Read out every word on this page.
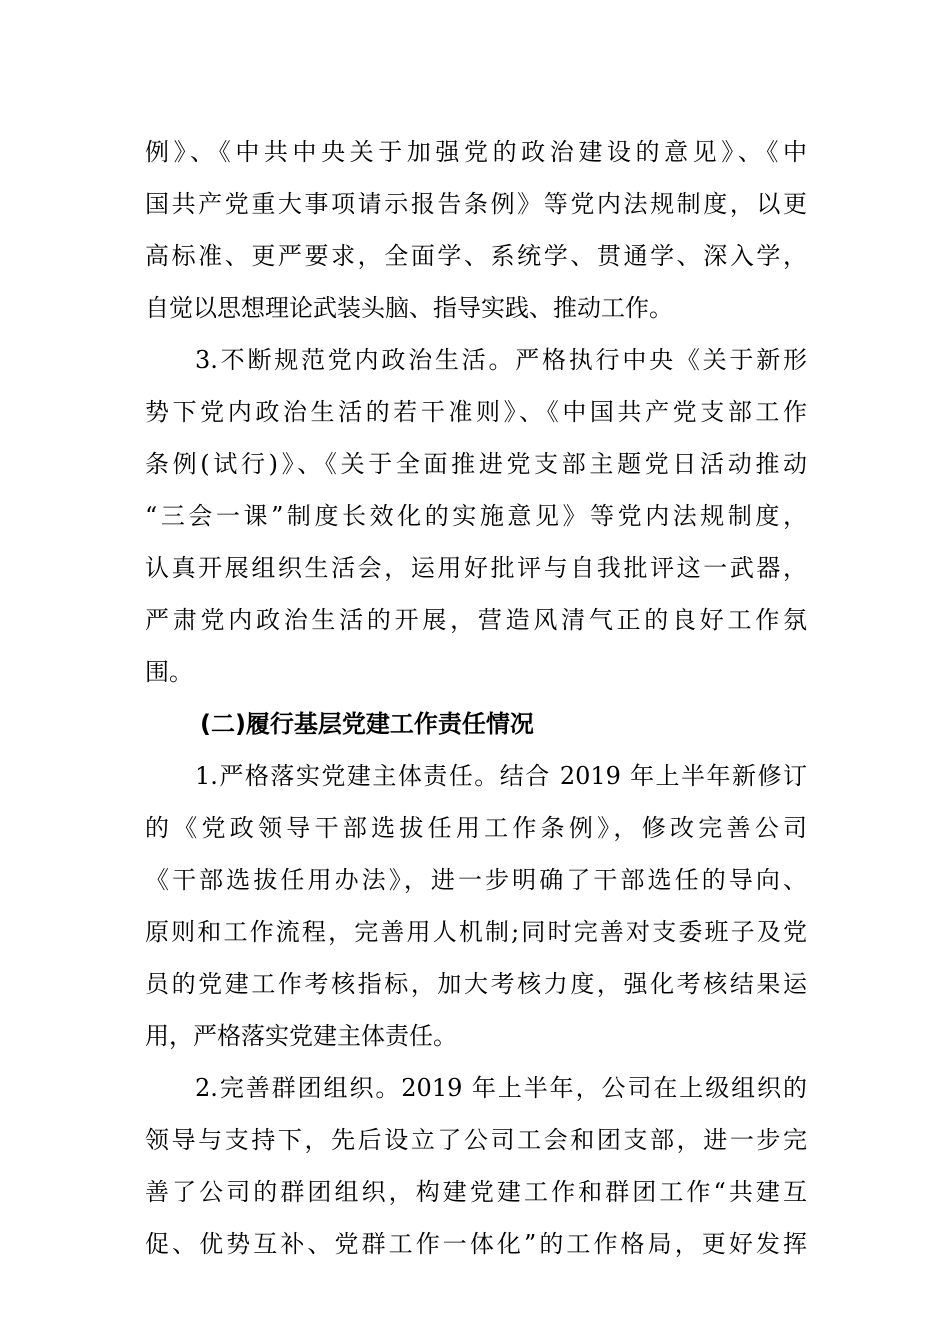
例》、《中共中央关于加强党的政治建设的意见》、《中
国共产党重大事项请示报告条例》等党内法规制度，以更
高标准、更严要求，全面学、系统学、贯通学、深入学，
自觉以思想理论武装头脑、指导实践、推动工作。
3.不断规范党内政治生活。严格执行中央《关于新形
势下党内政治生活的若干准则》、《中国共产党支部工作
条例(试行)》、《关于全面推进党支部主题党日活动推动
“三会一课”制度长效化的实施意见》等党内法规制度，
认真开展组织生活会，运用好批评与自我批评这一武器，
严肃党内政治生活的开展，营造风清气正的良好工作氛
围。
(二)履行基层党建工作责任情况
1.严格落实党建主体责任。结合 2019 年上半年新修订
的《党政领导干部选拔任用工作条例》，修改完善公司
《干部选拔任用办法》，进一步明确了干部选任的导向、
原则和工作流程，完善用人机制;同时完善对支委班子及党
员的党建工作考核指标，加大考核力度，强化考核结果运
用，严格落实党建主体责任。
2.完善群团组织。2019 年上半年，公司在上级组织的
领导与支持下，先后设立了公司工会和团支部，进一步完
善了公司的群团组织，构建党建工作和群团工作“共建互
促、优势互补、党群工作一体化”的工作格局，更好发挥
